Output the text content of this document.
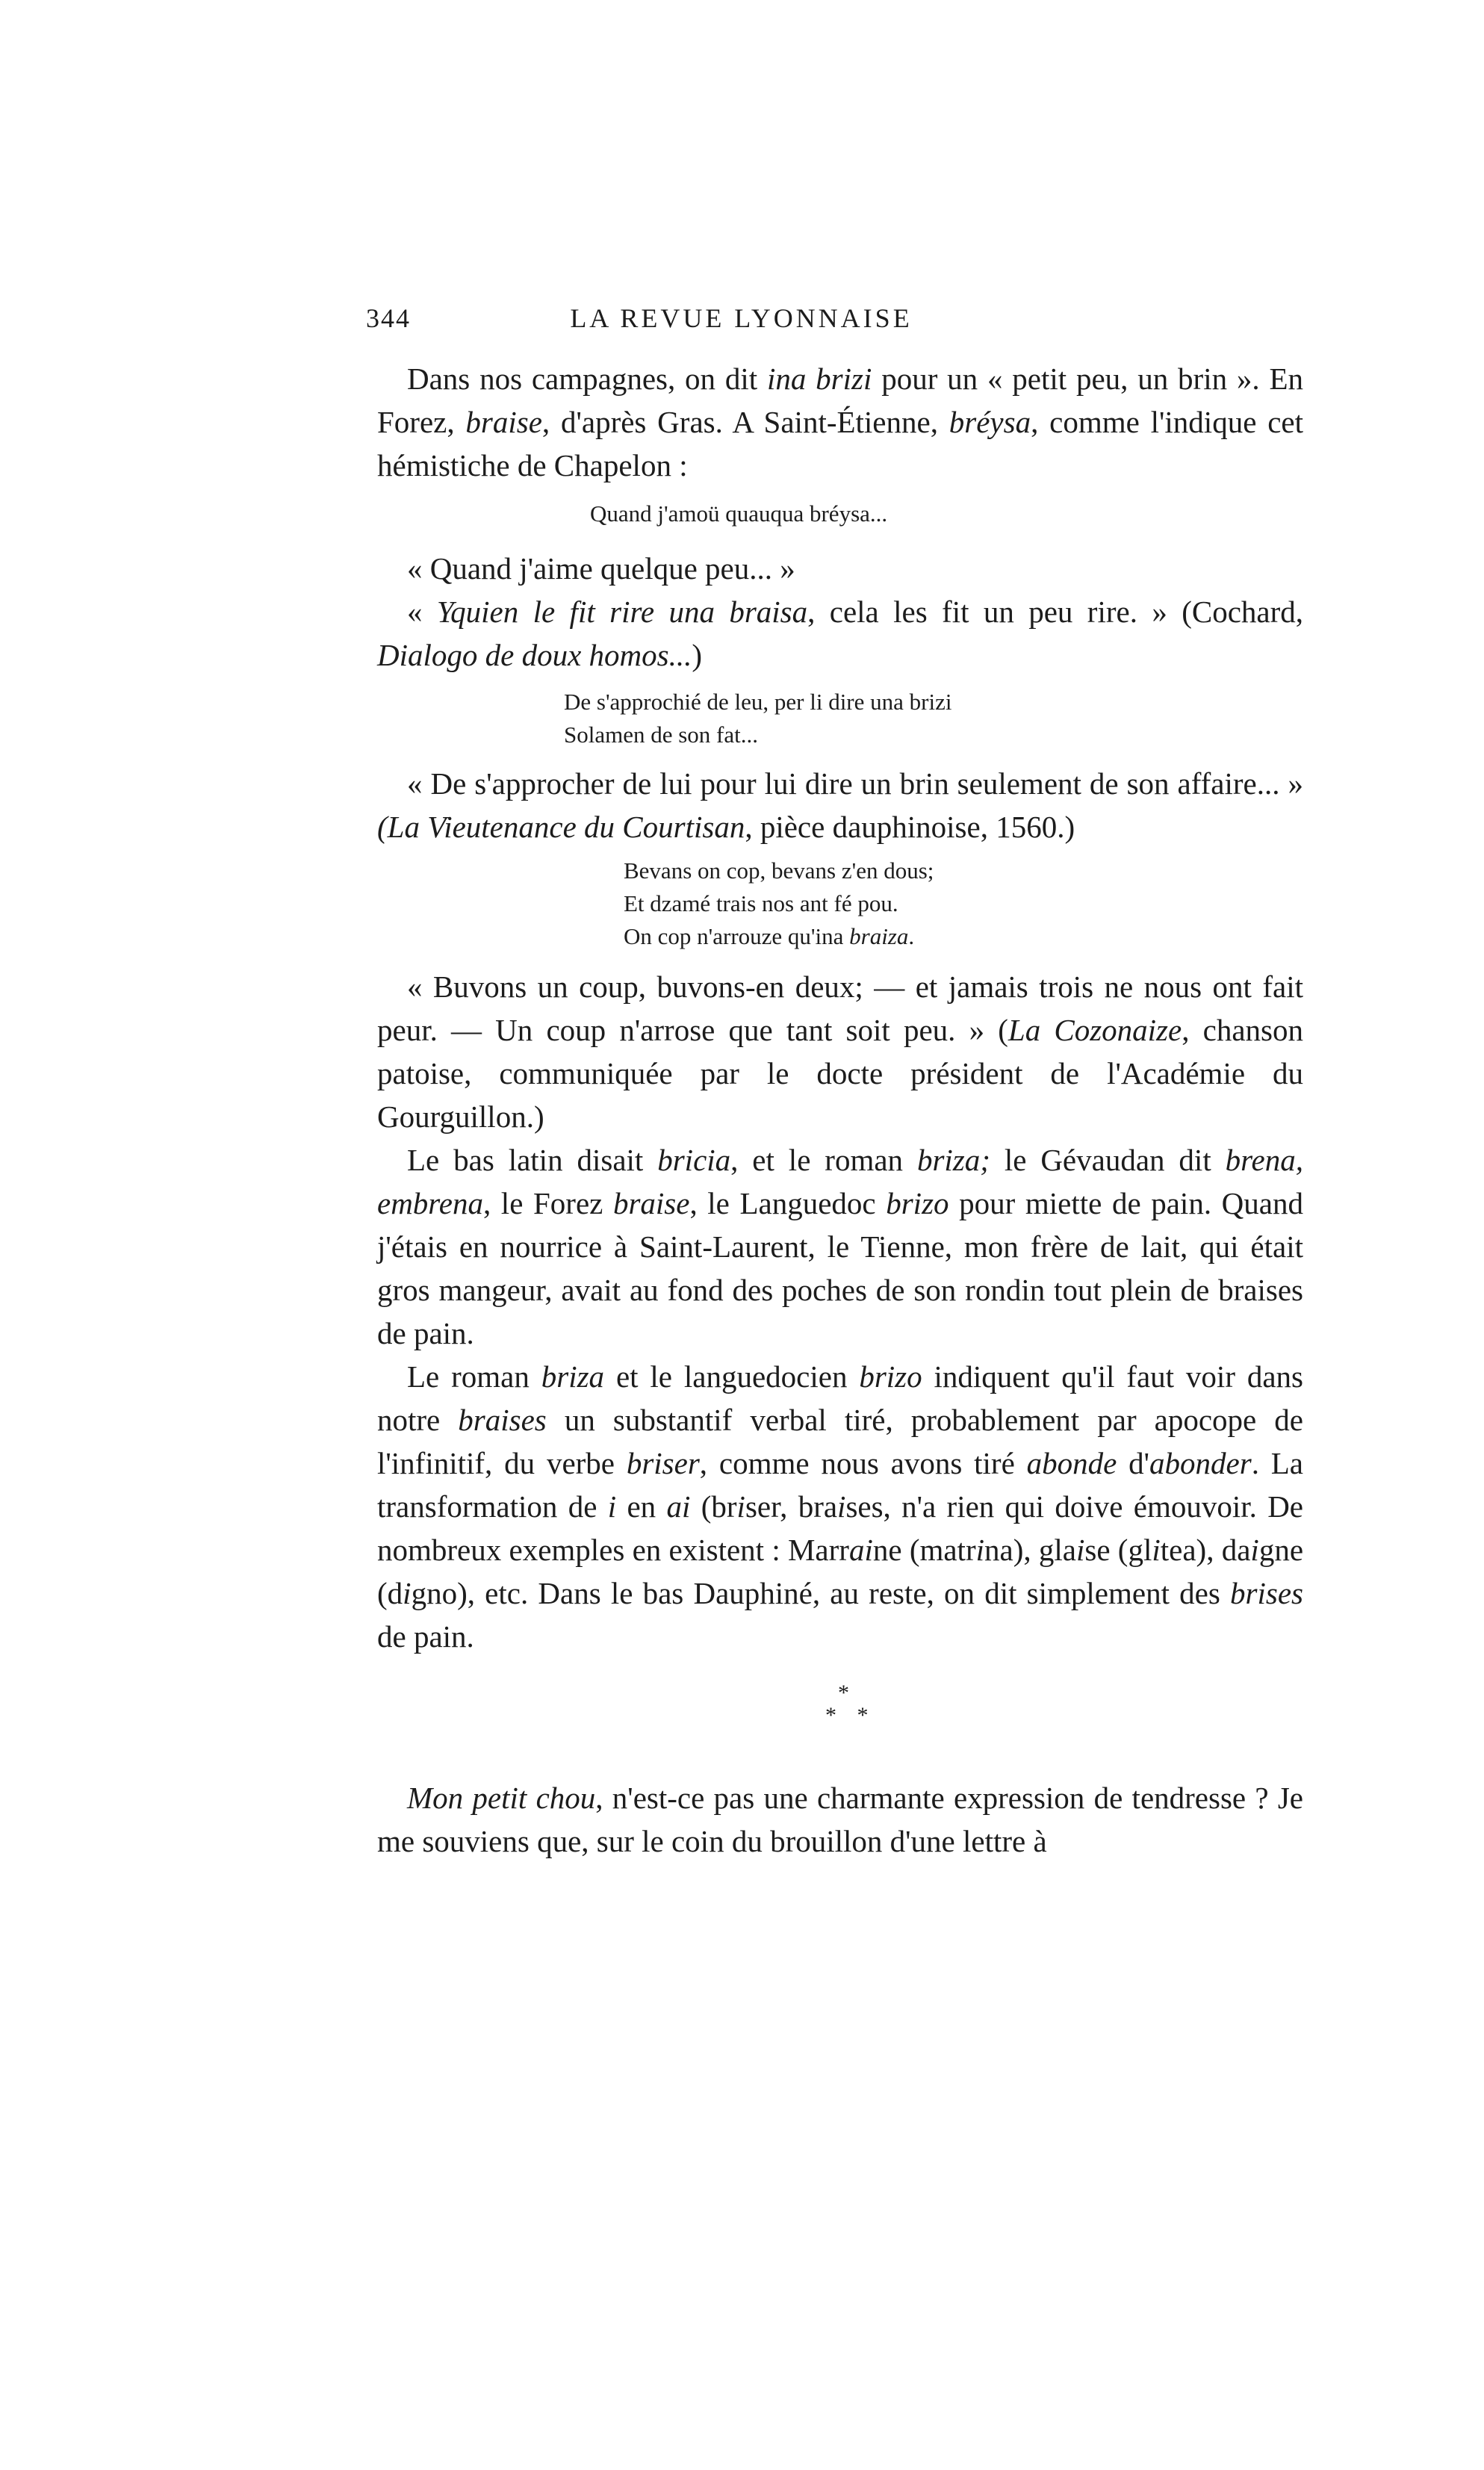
344	LA REVUE LYONNAISE

Dans nos campagnes, on dit ina brizi pour un « petit peu, un brin ». En Forez, braise, d'après Gras. A Saint-Étienne, bréysa, comme l'indique cet hémistiche de Chapelon :

Quand j'amoü quauqua bréysa...

« Quand j'aime quelque peu... »

« Yquien le fit rire una braisa, cela les fit un peu rire. » (Cochard, Dialogo de doux homos...)

De s'approchié de leu, per li dire una brizi
Solamen de son fat...

« De s'approcher de lui pour lui dire un brin seulement de son affaire... » (La Vieutenance du Courtisan, pièce dauphinoise, 1560.)

Bevans on cop, bevans z'en dous;
Et dzamé trais nos ant fé pou.
On cop n'arrouze qu'ina braiza.

« Buvons un coup, buvons-en deux; — et jamais trois ne nous ont fait peur. — Un coup n'arrose que tant soit peu. » (La Cozonaize, chanson patoise, communiquée par le docte président de l'Académie du Gourguillon.)

Le bas latin disait bricia, et le roman briza; le Gévaudan dit brena, embrena, le Forez braise, le Languedoc brizo pour miette de pain. Quand j'étais en nourrice à Saint-Laurent, le Tienne, mon frère de lait, qui était gros mangeur, avait au fond des poches de son rondin tout plein de braises de pain.

Le roman briza et le languedocien brizo indiquent qu'il faut voir dans notre braises un substantif verbal tiré, probablement par apocope de l'infinitif, du verbe briser, comme nous avons tiré abonde d'abonder. La transformation de i en ai (briser, braises, n'a rien qui doive émouvoir. De nombreux exemples en existent : Marraine (matrina), glaise (glitea), daigne (digno), etc. Dans le bas Dauphiné, au reste, on dit simplement des brises de pain.

*
* *

Mon petit chou, n'est-ce pas une charmante expression de tendresse ? Je me souviens que, sur le coin du brouillon d'une lettre à
